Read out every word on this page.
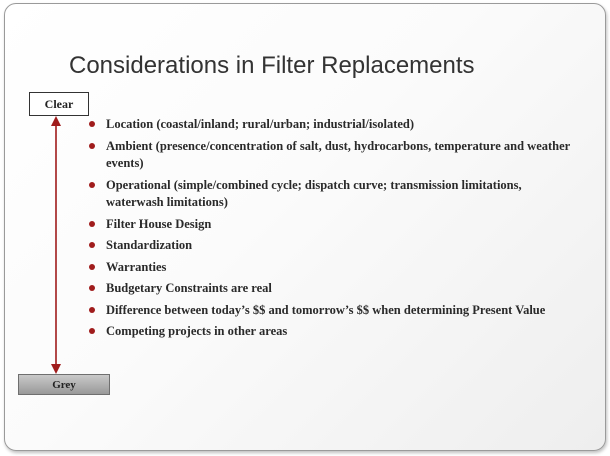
Considerations in Filter Replacements
Clear
Grey
Location (coastal/inland; rural/urban; industrial/isolated)
Ambient (presence/concentration of salt, dust, hydrocarbons, temperature and weather events)
Operational (simple/combined cycle; dispatch curve; transmission limitations, waterwash limitations)
Filter House Design
Standardization
Warranties
Budgetary Constraints are real
Difference between today’s $$ and tomorrow’s $$ when determining Present Value
Competing projects in other areas
